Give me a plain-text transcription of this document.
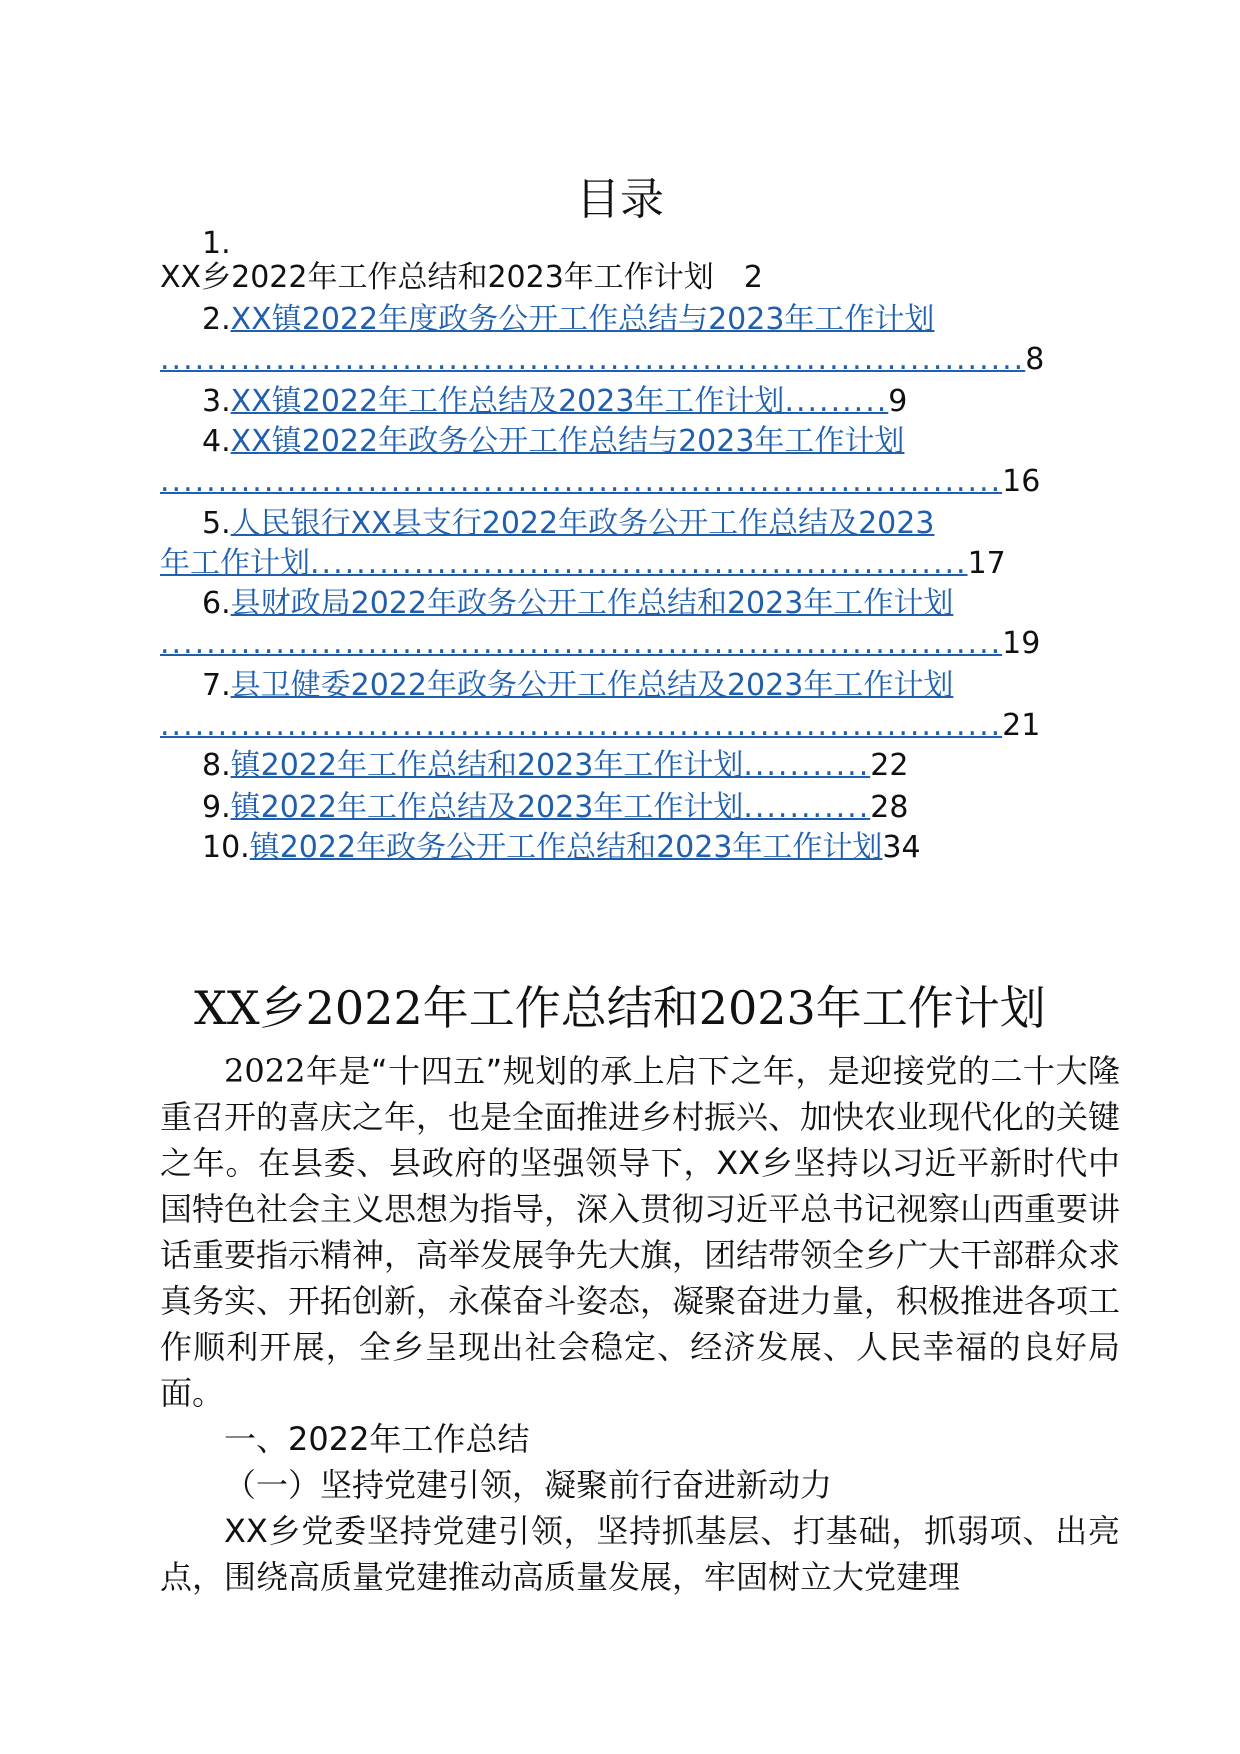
目录
1.
XX乡2022年工作总结和2023年工作计划 2
2.XX镇2022年度政务公开工作总结与2023年工作计划
...........................................................................8
3.XX镇2022年工作总结及2023年工作计划.........9
4.XX镇2022年政务公开工作总结与2023年工作计划
.........................................................................16
5.人民银行XX县支行2022年政务公开工作总结及2023
年工作计划.........................................................17
6.县财政局2022年政务公开工作总结和2023年工作计划
.........................................................................19
7.县卫健委2022年政务公开工作总结及2023年工作计划
.........................................................................21
8.镇2022年工作总结和2023年工作计划...........22
9.镇2022年工作总结及2023年工作计划...........28
10.镇2022年政务公开工作总结和2023年工作计划34
XX乡2022年工作总结和2023年工作计划

2022年是“十四五”规划的承上启下之年，是迎接党的二十大隆重召开的喜庆之年，也是全面推进乡村振兴、加快农业现代化的关键之年。在县委、县政府的坚强领导下，XX乡坚持以习近平新时代中国特色社会主义思想为指导，深入贯彻习近平总书记视察山西重要讲话重要指示精神，高举发展争先大旗，团结带领全乡广大干部群众求真务实、开拓创新，永葆奋斗姿态，凝聚奋进力量，积极推进各项工作顺利开展，全乡呈现出社会稳定、经济发展、人民幸福的良好局面。

一、2022年工作总结

（一）坚持党建引领，凝聚前行奋进新动力

XX乡党委坚持党建引领，坚持抓基层、打基础，抓弱项、出亮点，围绕高质量党建推动高质量发展，牢固树立大党建理
